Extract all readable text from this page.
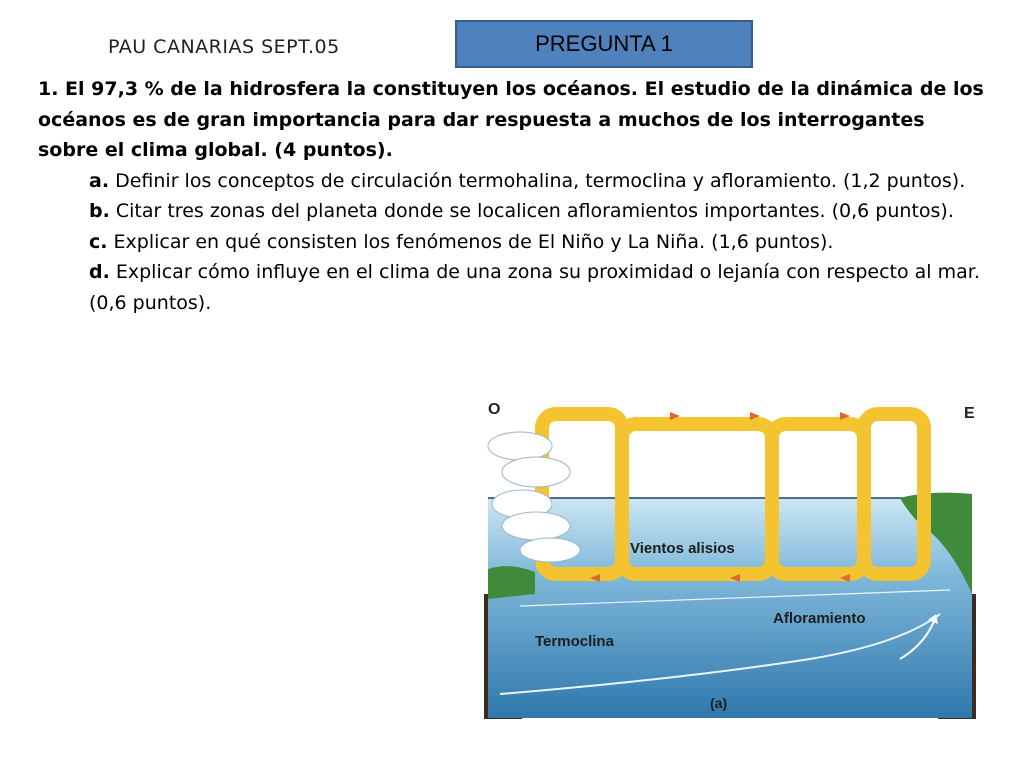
PAU CANARIAS SEPT.05	PREGUNTA 1

1. El 97,3 % de la hidrosfera la constituyen los océanos. El estudio de la dinámica de los océanos es de gran importancia para dar respuesta a muchos de los interrogantes sobre el clima global. (4 puntos).

a. Definir los conceptos de circulación termohalina, termoclina y afloramiento. (1,2 puntos).
b. Citar tres zonas del planeta donde se localicen afloramientos importantes. (0,6 puntos).
c. Explicar en qué consisten los fenómenos de El Niño y La Niña. (1,6 puntos).
d. Explicar cómo influye en el clima de una zona su proximidad o lejanía con respecto al mar. (0,6 puntos).
O	E
Vientos alisios
Afloramiento
Termoclina
(a)
